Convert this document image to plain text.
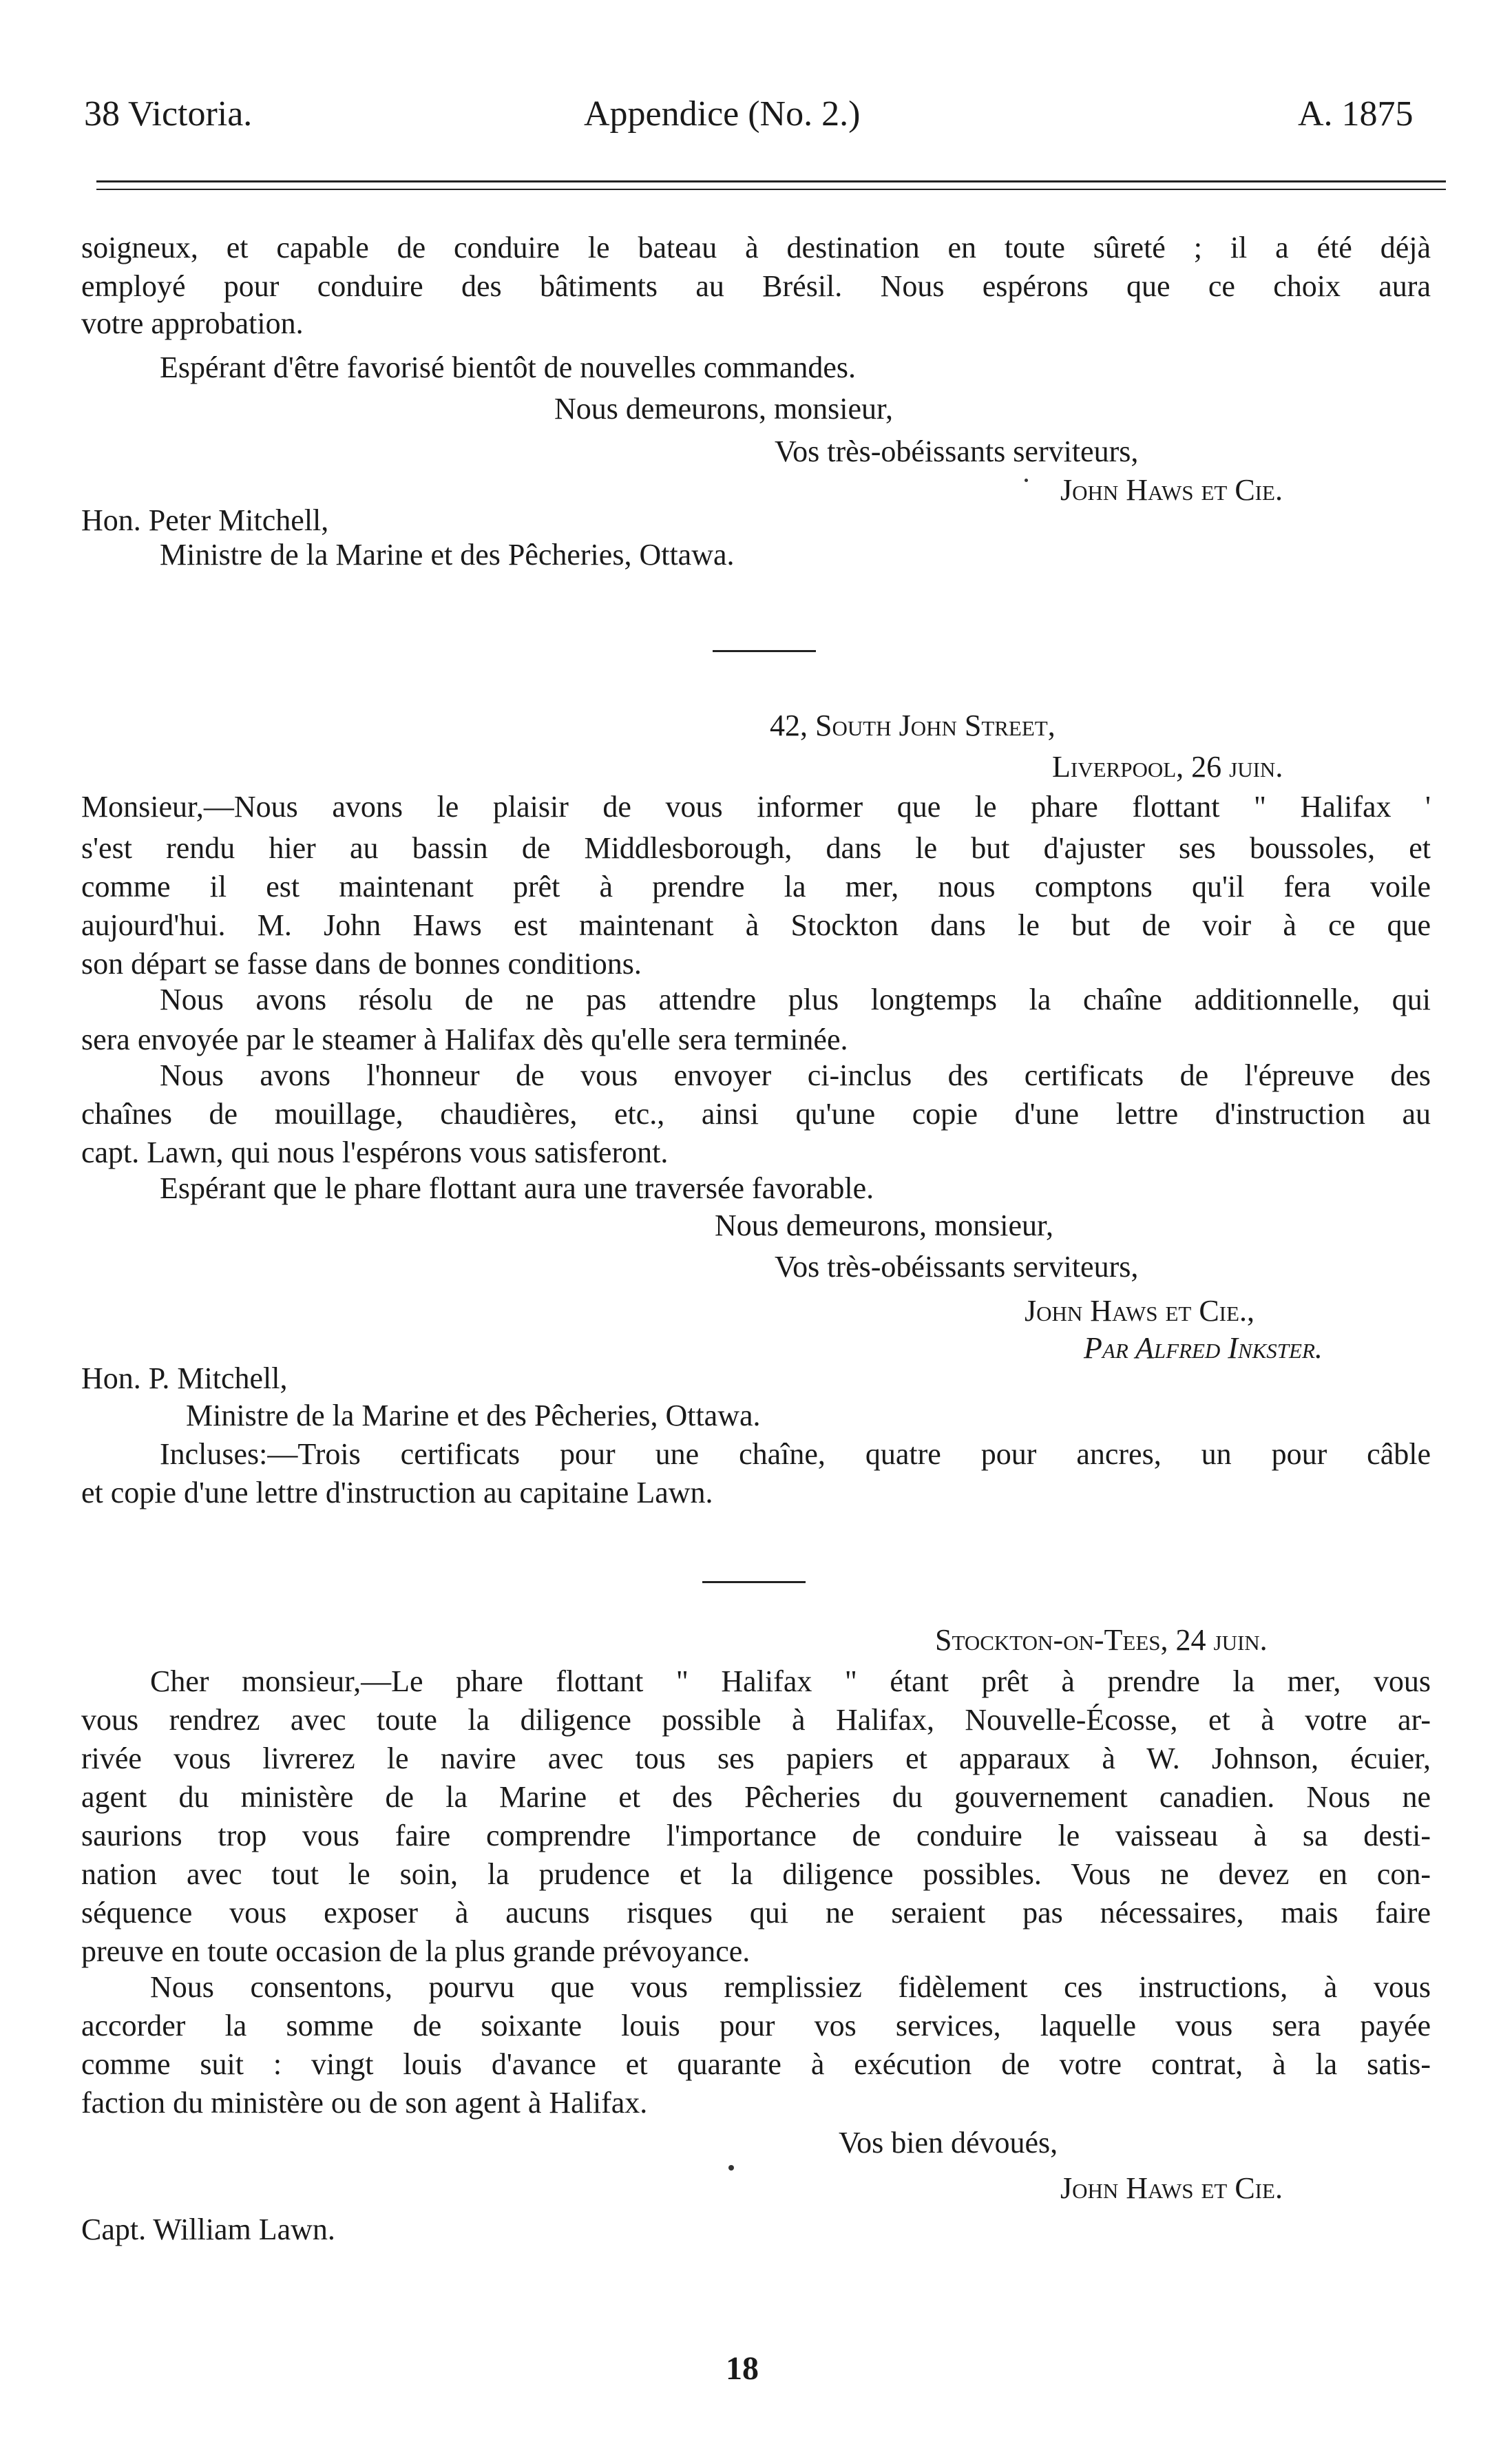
38 Victoria.	Appendice (No. 2.)	A. 1875
soigneux, et capable de conduire le bateau à destination en toute sûreté ; il a été déjà
employé pour conduire des bâtiments au Brésil. Nous espérons que ce choix aura
votre approbation.
Espérant d'être favorisé bientôt de nouvelles commandes.
Nous demeurons, monsieur,
Vos très-obéissants serviteurs,
John Haws et Cie.
Hon. Peter Mitchell,
Ministre de la Marine et des Pêcheries, Ottawa.
42, South John Street,
Liverpool, 26 juin.
Monsieur,—Nous avons le plaisir de vous informer que le phare flottant " Halifax '
s'est rendu hier au bassin de Middlesborough, dans le but d'ajuster ses boussoles, et
comme il est maintenant prêt à prendre la mer, nous comptons qu'il fera voile
aujourd'hui. M. John Haws est maintenant à Stockton dans le but de voir à ce que
son départ se fasse dans de bonnes conditions.
Nous avons résolu de ne pas attendre plus longtemps la chaîne additionnelle, qui
sera envoyée par le steamer à Halifax dès qu'elle sera terminée.
Nous avons l'honneur de vous envoyer ci-inclus des certificats de l'épreuve des
chaînes de mouillage, chaudières, etc., ainsi qu'une copie d'une lettre d'instruction au
capt. Lawn, qui nous l'espérons vous satisferont.
Espérant que le phare flottant aura une traversée favorable.
Nous demeurons, monsieur,
Vos très-obéissants serviteurs,
John Haws et Cie.,
Par Alfred Inkster.
Hon. P. Mitchell,
Ministre de la Marine et des Pêcheries, Ottawa.
Incluses:—Trois certificats pour une chaîne, quatre pour ancres, un pour câble
et copie d'une lettre d'instruction au capitaine Lawn.
Stockton-on-Tees, 24 juin.
Cher monsieur,—Le phare flottant " Halifax " étant prêt à prendre la mer, vous
vous rendrez avec toute la diligence possible à Halifax, Nouvelle-Écosse, et à votre ar-
rivée vous livrerez le navire avec tous ses papiers et apparaux à W. Johnson, écuier,
agent du ministère de la Marine et des Pêcheries du gouvernement canadien. Nous ne
saurions trop vous faire comprendre l'importance de conduire le vaisseau à sa desti-
nation avec tout le soin, la prudence et la diligence possibles. Vous ne devez en con-
séquence vous exposer à aucuns risques qui ne seraient pas nécessaires, mais faire
preuve en toute occasion de la plus grande prévoyance.
Nous consentons, pourvu que vous remplissiez fidèlement ces instructions, à vous
accorder la somme de soixante louis pour vos services, laquelle vous sera payée
comme suit : vingt louis d'avance et quarante à exécution de votre contrat, à la satis-
faction du ministère ou de son agent à Halifax.
Vos bien dévoués,
John Haws et Cie.
Capt. William Lawn.
18
